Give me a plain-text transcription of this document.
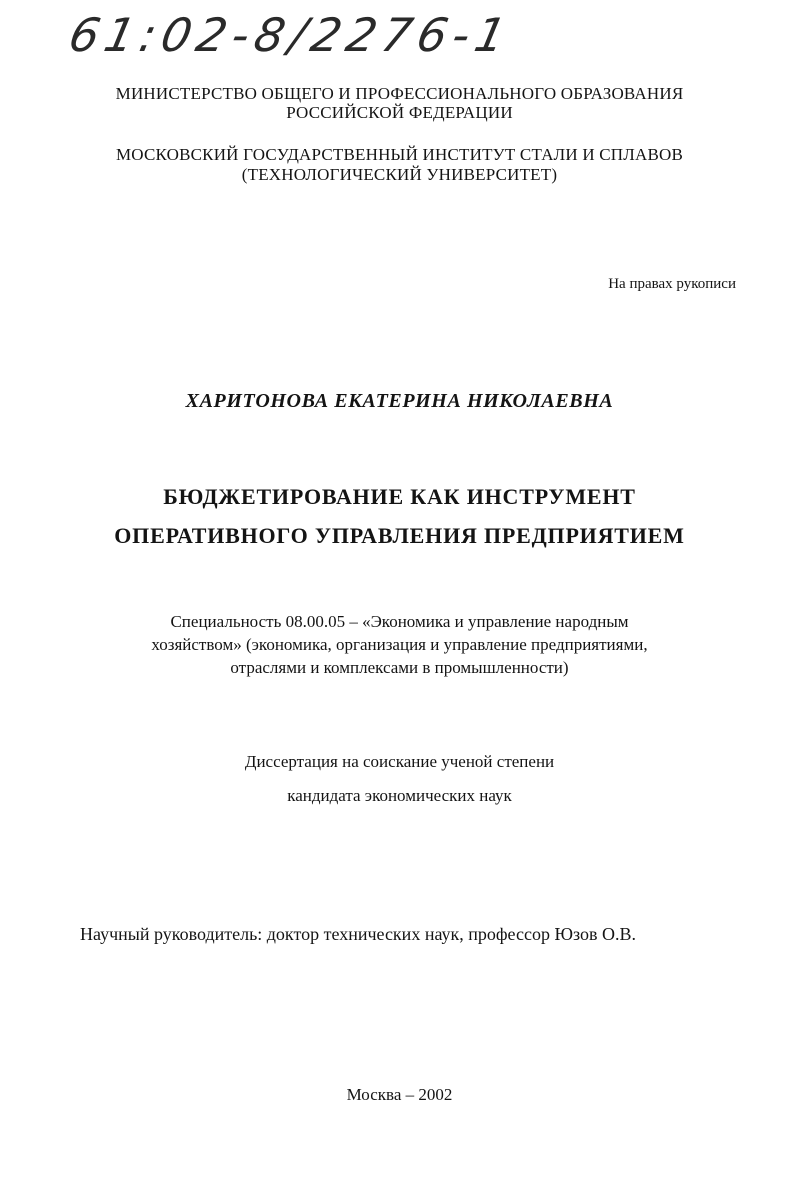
61:02-8/2276-1
МИНИСТЕРСТВО ОБЩЕГО И ПРОФЕССИОНАЛЬНОГО ОБРАЗОВАНИЯ
РОССИЙСКОЙ ФЕДЕРАЦИИ
МОСКОВСКИЙ ГОСУДАРСТВЕННЫЙ ИНСТИТУТ СТАЛИ И СПЛАВОВ
(ТЕХНОЛОГИЧЕСКИЙ УНИВЕРСИТЕТ)
На правах рукописи
ХАРИТОНОВА ЕКАТЕРИНА НИКОЛАЕВНА
БЮДЖЕТИРОВАНИЕ КАК ИНСТРУМЕНТ
ОПЕРАТИВНОГО УПРАВЛЕНИЯ ПРЕДПРИЯТИЕМ
Специальность 08.00.05 – «Экономика и управление народным
хозяйством» (экономика, организация и управление предприятиями,
отраслями и комплексами в промышленности)
Диссертация на соискание ученой степени
кандидата экономических наук
Научный руководитель: доктор технических наук, профессор Юзов О.В.
Москва – 2002
